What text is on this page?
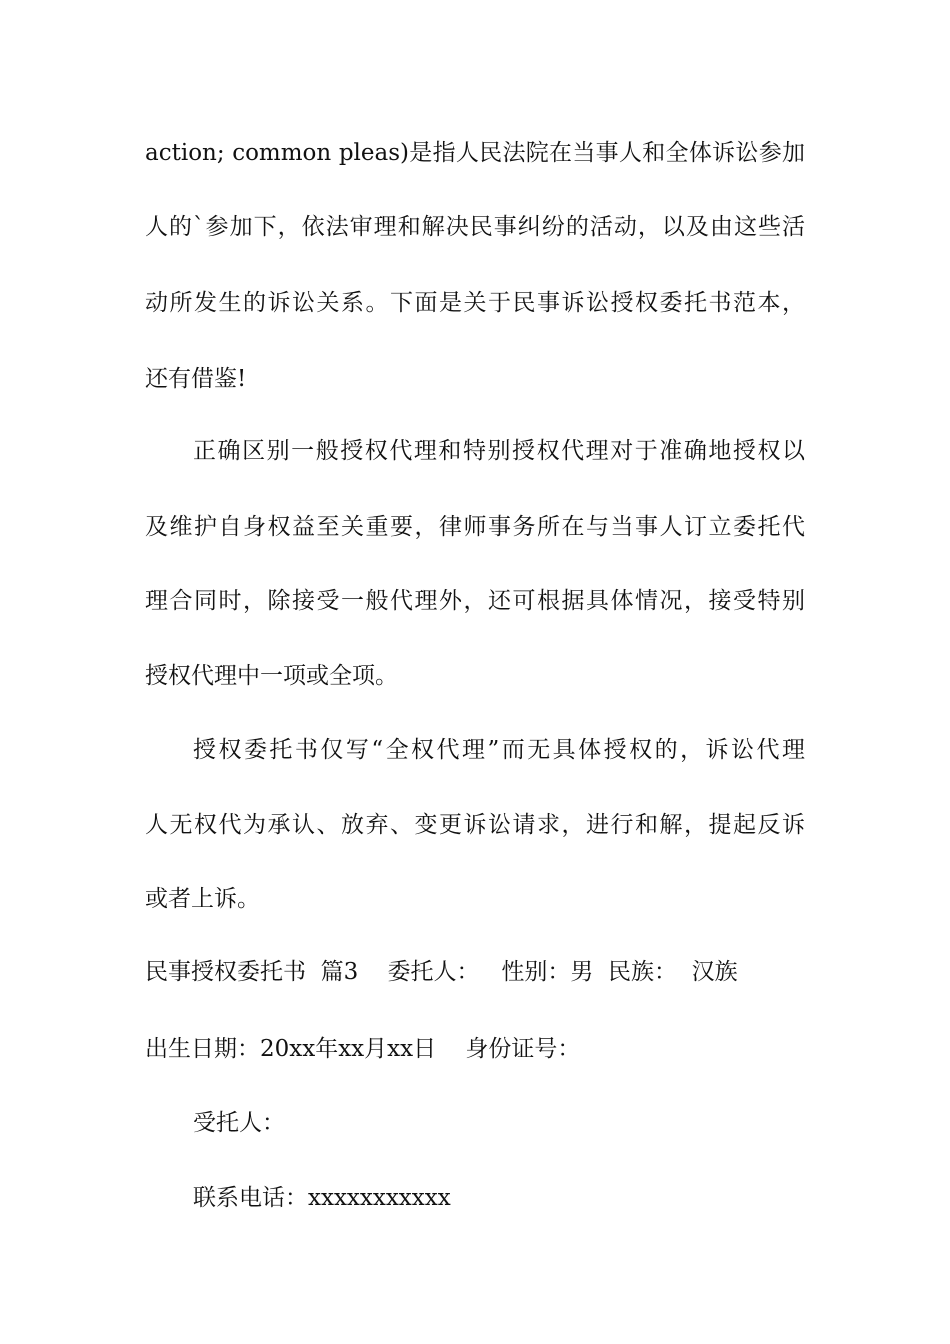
action; common pleas)是指人民法院在当事人和全体诉讼参加
人的`参加下，依法审理和解决民事纠纷的活动，以及由这些活
动所发生的诉讼关系。下面是关于民事诉讼授权委托书范本，
还有借鉴!
正确区别一般授权代理和特别授权代理对于准确地授权以
及维护自身权益至关重要，律师事务所在与当事人订立委托代
理合同时，除接受一般代理外，还可根据具体情况，接受特别
授权代理中一项或全项。
授权委托书仅写“全权代理”而无具体授权的，诉讼代理
人无权代为承认、放弃、变更诉讼请求，进行和解，提起反诉
或者上诉。
民事授权委托书  篇3    委托人：   性别：男  民族：  汉族
出生日期：20xx年xx月xx日    身份证号：
受托人：
联系电话：xxxxxxxxxxx
